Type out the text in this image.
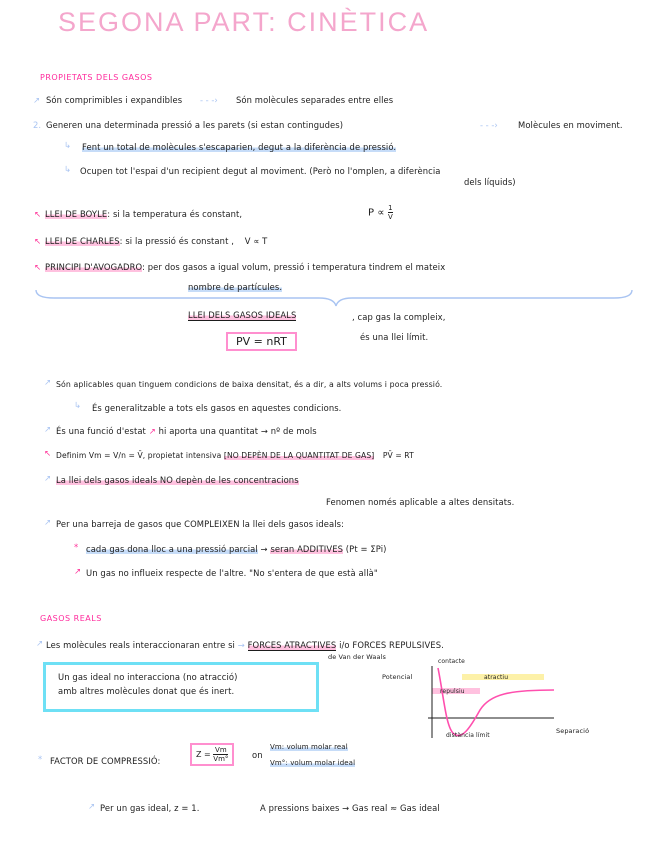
SEGONA PART: CINÈTICA
PROPIETATS DELS GASOS
↗ Són comprimibles i expandibles - - -› Són molècules separades entre elles
2. Generen una determinada pressió a les parets (si estan contingudes)	- - -› Molècules en moviment.
↳ Fent un total de molècules s'escaparien, degut a la diferència de pressió.
↳ Ocupen tot l'espai d'un recipient degut al moviment. (Però no l'omplen, a diferència
dels líquids)
↖ LLEI DE BOYLE: si la temperatura és constant,	$P \propto \frac{1}{V}$
↖ LLEI DE CHARLES: si la pressió és constant , V ∝ T
↖ PRINCIPI D'AVOGADRO: per dos gasos a igual volum, pressió i temperatura tindrem el mateix
nombre de partícules.
LLEI DELS GASOS IDEALS	, cap gas la compleix,
és una llei límit.
PV = nRT
↗ Són aplicables quan tinguem condicions de baixa densitat, és a dir, a alts volums i poca pressió.
↳ És generalitzable a tots els gasos en aquestes condicions.
↗ És una funció d'estat ↗ hi aporta una quantitat → nº de mols
↖ Definim Vm = V/n = V̄, propietat intensiva [NO DEPÈN DE LA QUANTITAT DE GAS] PV̄ = RT
↗ La llei dels gasos ideals NO depèn de les concentracions
Fenomen només aplicable a altes densitats.
↗ Per una barreja de gasos que COMPLEIXEN la llei dels gasos ideals:
* cada gas dona lloc a una pressió parcial → seran ADDITIVES (Pt = ΣPi)
↗ Un gas no influeix respecte de l'altre. "No s'entera de que està allà"
GASOS REALS
↗ Les molècules reals interaccionaran entre si → FORCES ATRACTIVES i/o FORCES REPULSIVES.
de Van der Waals
Un gas ideal no interacciona (no atracció)
amb altres molècules donat que és inert.
Potencial
contacte
repulsiu
atractiu
Separació
distància límit
* FACTOR DE COMPRESSIÓ:
$Z = \frac{Vm}{Vm^\circ}$	on
Vm: volum molar real
Vm°: volum molar ideal
↗ Per un gas ideal, z = 1.	A pressions baixes → Gas real ≈ Gas ideal
